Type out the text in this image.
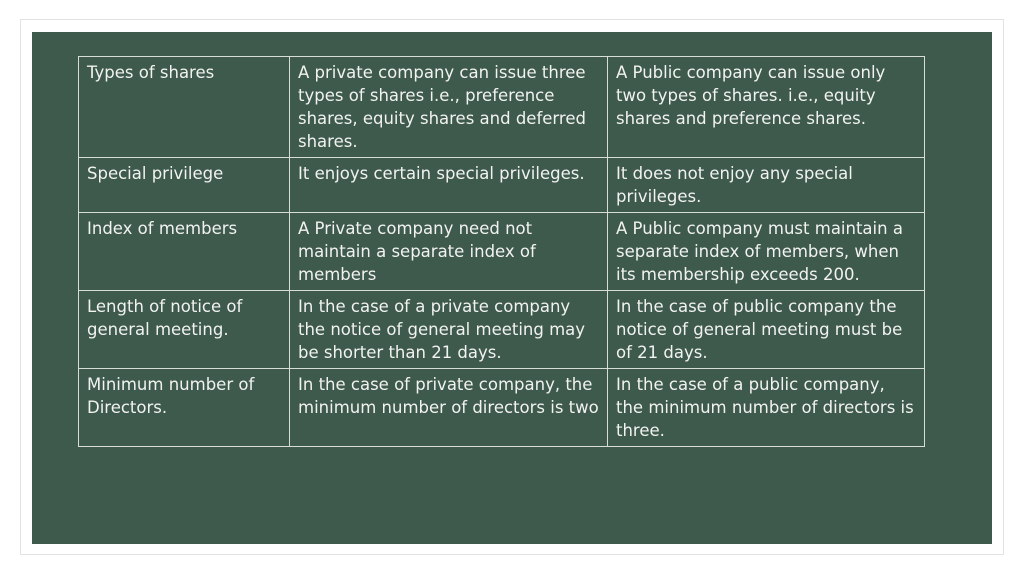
Types of shares	A private company can issue three types of shares i.e., preference shares, equity shares and deferred shares.	A Public company can issue only two types of shares. i.e., equity shares and preference shares.
Special privilege	It enjoys certain special privileges.	It does not enjoy any special privileges.
Index of members	A Private company need not maintain a separate index of members	A Public company must maintain a separate index of members, when its membership exceeds 200.
Length of notice of general meeting.	In the case of a private company the notice of general meeting may be shorter than 21 days.	In the case of public company the notice of general meeting must be of 21 days.
Minimum number of Directors.	In the case of private company, the minimum number of directors is two	In the case of a public company, the minimum number of directors is three.
